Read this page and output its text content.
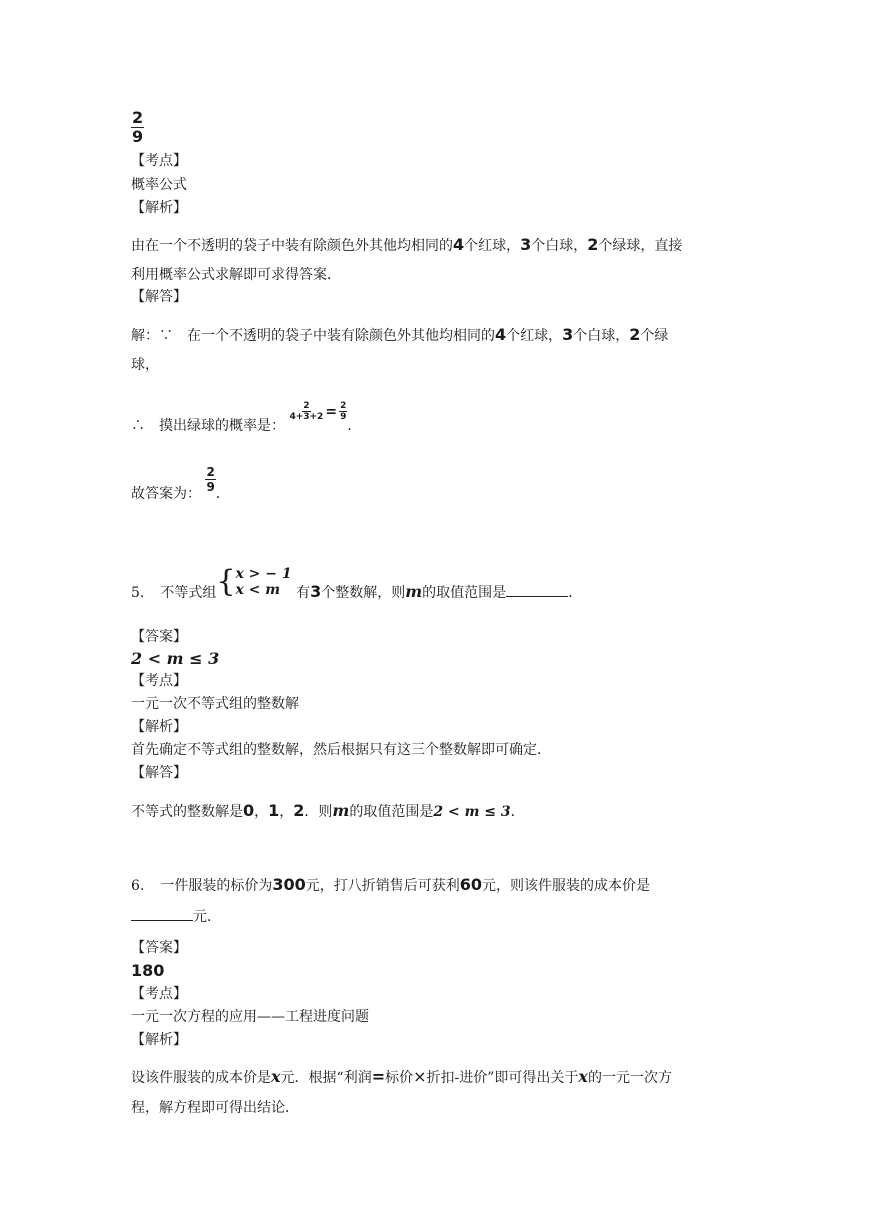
$\frac{2}{9}$
【考点】
概率公式
【解析】
由在一个不透明的袋子中装有除颜色外其他均相同的4个红球，3个白球，2个绿球，直接
利用概率公式求解即可求得答案．
【解答】
解：∵　在一个不透明的袋子中装有除颜色外其他均相同的4个红球，3个白球，2个绿
球，
∴　摸出绿球的概率是：
$\frac{2}{4+3+2} = \frac{2}{9}$
．
故答案为：
$\frac{2}{9}$
．
5. 不等式组 { x > − 1
x < m	有3个整数解，则m的取值范围是	．
【答案】
2 < m ≤ 3
【考点】
一元一次不等式组的整数解
【解析】
首先确定不等式组的整数解，然后根据只有这三个整数解即可确定．
【解答】
不等式的整数解是0，1，2．则m的取值范围是2 < m ≤ 3．
6. 一件服装的标价为300元，打八折销售后可获利60元，则该件服装的成本价是
元．
【答案】
180
【考点】
一元一次方程的应用——工程进度问题
【解析】
设该件服装的成本价是x元．根据“利润=标价×折扣-进价”即可得出关于x的一元一次方
程，解方程即可得出结论．
